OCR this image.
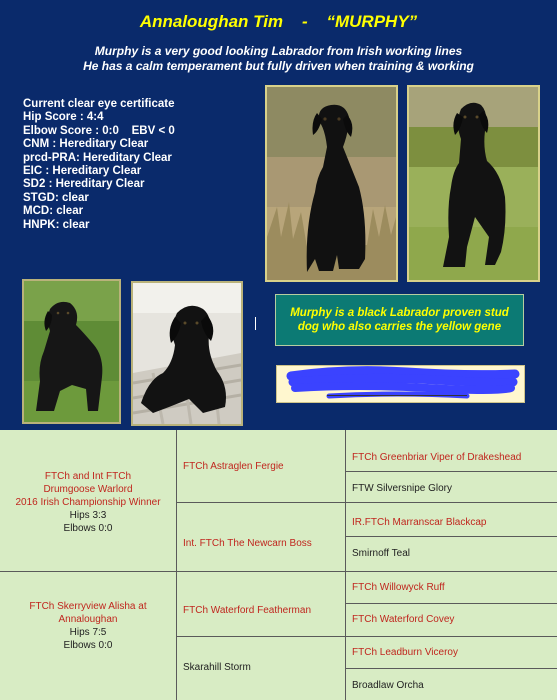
Annaloughan Tim    -    “MURPHY”
Murphy is a very good looking Labrador from Irish working lines
He has a calm temperament but fully driven when training & working
Current clear eye certificate
Hip Score : 4:4
Elbow Score : 0:0    EBV < 0
CNM : Hereditary Clear
prcd-PRA: Hereditary Clear
EIC : Hereditary Clear
SD2 : Hereditary Clear
STGD: clear
MCD: clear
HNPK: clear
Murphy is a black Labrador proven stud
dog who also carries the yellow gene
FTCh and Int FTCh
Drumgoose Warlord
2016 Irish Championship Winner
Hips 3:3
Elbows 0:0
FTCh Skerryview Alisha at
Annaloughan
Hips 7:5
Elbows 0:0
FTCh Astraglen Fergie
Int. FTCh The Newcarn Boss
FTCh Waterford Featherman
Skarahill Storm
FTCh Greenbriar Viper of Drakeshead
FTW Silversnipe Glory
IR.FTCh Marranscar Blackcap
Smirnoff Teal
FTCh Willowyck Ruff
FTCh Waterford Covey
FTCh Leadburn Viceroy
Broadlaw Orcha
